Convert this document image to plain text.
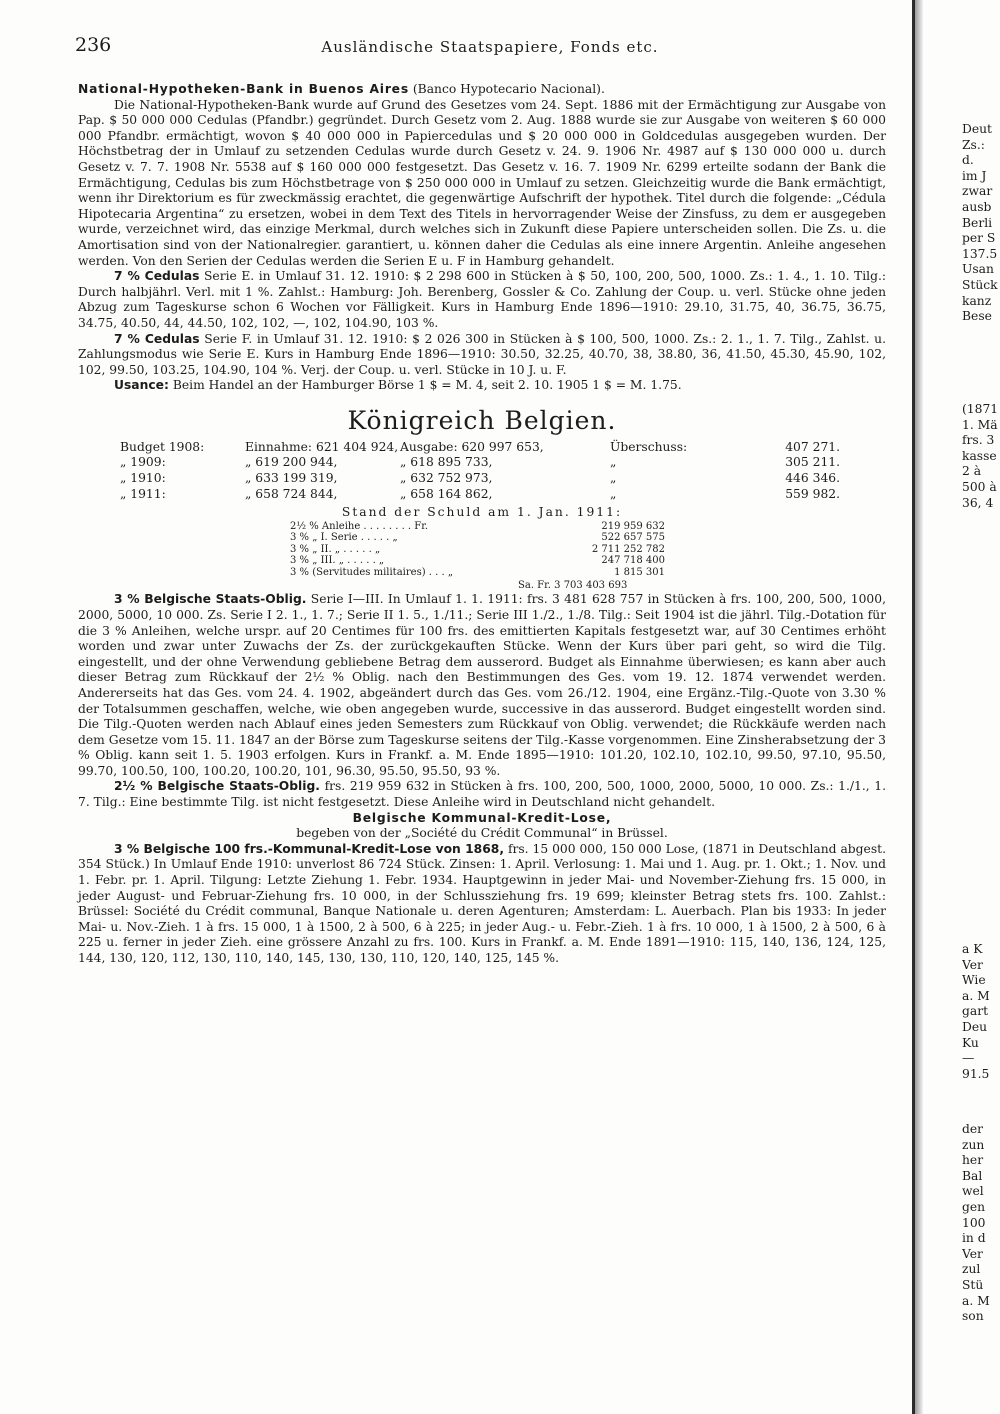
236	Ausländische Staatspapiere, Fonds etc.

National-Hypotheken-Bank in Buenos Aires (Banco Hypotecario Nacional).

Die National-Hypotheken-Bank wurde auf Grund des Gesetzes vom 24. Sept. 1886 mit der Ermächtigung zur Ausgabe von Pap. $ 50 000 000 Cedulas (Pfandbr.) gegründet. Durch Gesetz vom 2. Aug. 1888 wurde sie zur Ausgabe von weiteren $ 60 000 000 Pfandbr. ermächtigt, wovon $ 40 000 000 in Papiercedulas und $ 20 000 000 in Goldcedulas ausgegeben wurden. Der Höchstbetrag der in Umlauf zu setzenden Cedulas wurde durch Gesetz v. 24. 9. 1906 Nr. 4987 auf $ 130 000 000 u. durch Gesetz v. 7. 7. 1908 Nr. 5538 auf $ 160 000 000 festgesetzt. Das Gesetz v. 16. 7. 1909 Nr. 6299 erteilte sodann der Bank die Ermächtigung, Cedulas bis zum Höchstbetrage von $ 250 000 000 in Umlauf zu setzen. Gleichzeitig wurde die Bank ermächtigt, wenn ihr Direktorium es für zweckmässig erachtet, die gegenwärtige Aufschrift der hypothek. Titel durch die folgende: „Cédula Hipotecaria Argentina“ zu ersetzen, wobei in dem Text des Titels in hervorragender Weise der Zinsfuss, zu dem er ausgegeben wurde, verzeichnet wird, das einzige Merkmal, durch welches sich in Zukunft diese Papiere unterscheiden sollen. Die Zs. u. die Amortisation sind von der Nationalregier. garantiert, u. können daher die Cedulas als eine innere Argentin. Anleihe angesehen werden. Von den Serien der Cedulas werden die Serien E u. F in Hamburg gehandelt.

7 % Cedulas Serie E. in Umlauf 31. 12. 1910: $ 2 298 600 in Stücken à $ 50, 100, 200, 500, 1000. Zs.: 1. 4., 1. 10. Tilg.: Durch halbjährl. Verl. mit 1 %. Zahlst.: Hamburg: Joh. Berenberg, Gossler & Co. Zahlung der Coup. u. verl. Stücke ohne jeden Abzug zum Tageskurse schon 6 Wochen vor Fälligkeit. Kurs in Hamburg Ende 1896—1910: 29.10, 31.75, 40, 36.75, 36.75, 34.75, 40.50, 44, 44.50, 102, 102, —, 102, 104.90, 103 %.

7 % Cedulas Serie F. in Umlauf 31. 12. 1910: $ 2 026 300 in Stücken à $ 100, 500, 1000. Zs.: 2. 1., 1. 7. Tilg., Zahlst. u. Zahlungsmodus wie Serie E. Kurs in Hamburg Ende 1896—1910: 30.50, 32.25, 40.70, 38, 38.80, 36, 41.50, 45.30, 45.90, 102, 102, 99.50, 103.25, 104.90, 104 %. Verj. der Coup. u. verl. Stücke in 10 J. u. F.

Usance: Beim Handel an der Hamburger Börse 1 $ = M. 4, seit 2. 10. 1905 1 $ = M. 1.75.

Königreich Belgien.
Budget 1908:	Einnahme: 621 404 924, Ausgabe: 620 997 653,	Überschuss:	407 271.
„ 1909:	„ 619 200 944,	„ 618 895 733,	„	305 211.
„ 1910:	„ 633 199 319,	„ 632 752 973,	„	446 346.
„ 1911:	„ 658 724 844,	„ 658 164 862,	„	559 982.
Stand der Schuld am 1. Jan. 1911:
2½ % Anleihe . . . . . . . . Fr.	219 959 632
3 % „ I. Serie . . . . . „	522 657 575
3 % „ II. „ . . . . . „	2 711 252 782
3 % „ III. „ . . . . . „	247 718 400
3 % (Servitudes militaires) . . . „	1 815 301
Sa. Fr. 3 703 403 693

3 % Belgische Staats-Oblig. Serie I—III. In Umlauf 1. 1. 1911: frs. 3 481 628 757 in Stücken à frs. 100, 200, 500, 1000, 2000, 5000, 10 000. Zs. Serie I 2. 1., 1. 7.; Serie II 1. 5., 1./11.; Serie III 1./2., 1./8. Tilg.: Seit 1904 ist die jährl. Tilg.-Dotation für die 3 % Anleihen, welche urspr. auf 20 Centimes für 100 frs. des emittierten Kapitals festgesetzt war, auf 30 Centimes erhöht worden und zwar unter Zuwachs der Zs. der zurückgekauften Stücke. Wenn der Kurs über pari geht, so wird die Tilg. eingestellt, und der ohne Verwendung gebliebene Betrag dem ausserord. Budget als Einnahme überwiesen; es kann aber auch dieser Betrag zum Rückkauf der 2½ % Oblig. nach den Bestimmungen des Ges. vom 19. 12. 1874 verwendet werden. Andererseits hat das Ges. vom 24. 4. 1902, abgeändert durch das Ges. vom 26./12. 1904, eine Ergänz.-Tilg.-Quote von 3.30 % der Totalsummen geschaffen, welche, wie oben angegeben wurde, successive in das ausserord. Budget eingestellt worden sind. Die Tilg.-Quoten werden nach Ablauf eines jeden Semesters zum Rückkauf von Oblig. verwendet; die Rückkäufe werden nach dem Gesetze vom 15. 11. 1847 an der Börse zum Tageskurse seitens der Tilg.-Kasse vorgenommen. Eine Zinsherabsetzung der 3 % Oblig. kann seit 1. 5. 1903 erfolgen. Kurs in Frankf. a. M. Ende 1895—1910: 101.20, 102.10, 102.10, 99.50, 97.10, 95.50, 99.70, 100.50, 100, 100.20, 100.20, 101, 96.30, 95.50, 95.50, 93 %.

2½ % Belgische Staats-Oblig. frs. 219 959 632 in Stücken à frs. 100, 200, 500, 1000, 2000, 5000, 10 000. Zs.: 1./1., 1. 7. Tilg.: Eine bestimmte Tilg. ist nicht festgesetzt. Diese Anleihe wird in Deutschland nicht gehandelt.

Belgische Kommunal-Kredit-Lose,

begeben von der „Société du Crédit Communal“ in Brüssel.

3 % Belgische 100 frs.-Kommunal-Kredit-Lose von 1868, frs. 15 000 000, 150 000 Lose, (1871 in Deutschland abgest. 354 Stück.) In Umlauf Ende 1910: unverlost 86 724 Stück. Zinsen: 1. April. Verlosung: 1. Mai und 1. Aug. pr. 1. Okt.; 1. Nov. und 1. Febr. pr. 1. April. Tilgung: Letzte Ziehung 1. Febr. 1934. Hauptgewinn in jeder Mai- und November-Ziehung frs. 15 000, in jeder August- und Februar-Ziehung frs. 10 000, in der Schlussziehung frs. 19 699; kleinster Betrag stets frs. 100. Zahlst.: Brüssel: Société du Crédit communal, Banque Nationale u. deren Agenturen; Amsterdam: L. Auerbach. Plan bis 1933: In jeder Mai- u. Nov.-Zieh. 1 à frs. 15 000, 1 à 1500, 2 à 500, 6 à 225; in jeder Aug.- u. Febr.-Zieh. 1 à frs. 10 000, 1 à 1500, 2 à 500, 6 à 225 u. ferner in jeder Zieh. eine grössere Anzahl zu frs. 100. Kurs in Frankf. a. M. Ende 1891—1910: 115, 140, 136, 124, 125, 144, 130, 120, 112, 130, 110, 140, 145, 130, 130, 110, 120, 140, 125, 145 %.

Deut
Zs.:
d.
im J
zwar
ausb
Berli
per S
137.5
Usan
Stück
kanz
Bese
(1871
1. Mä
frs. 3
kasse
2 à
500 à
36, 4
a K
Ver
Wie
a. M
gart
Deu
Ku
—
91.5
der
zun
her
Bal
wel
gen
100
in d
Ver
zul
Stü
a. M
son
